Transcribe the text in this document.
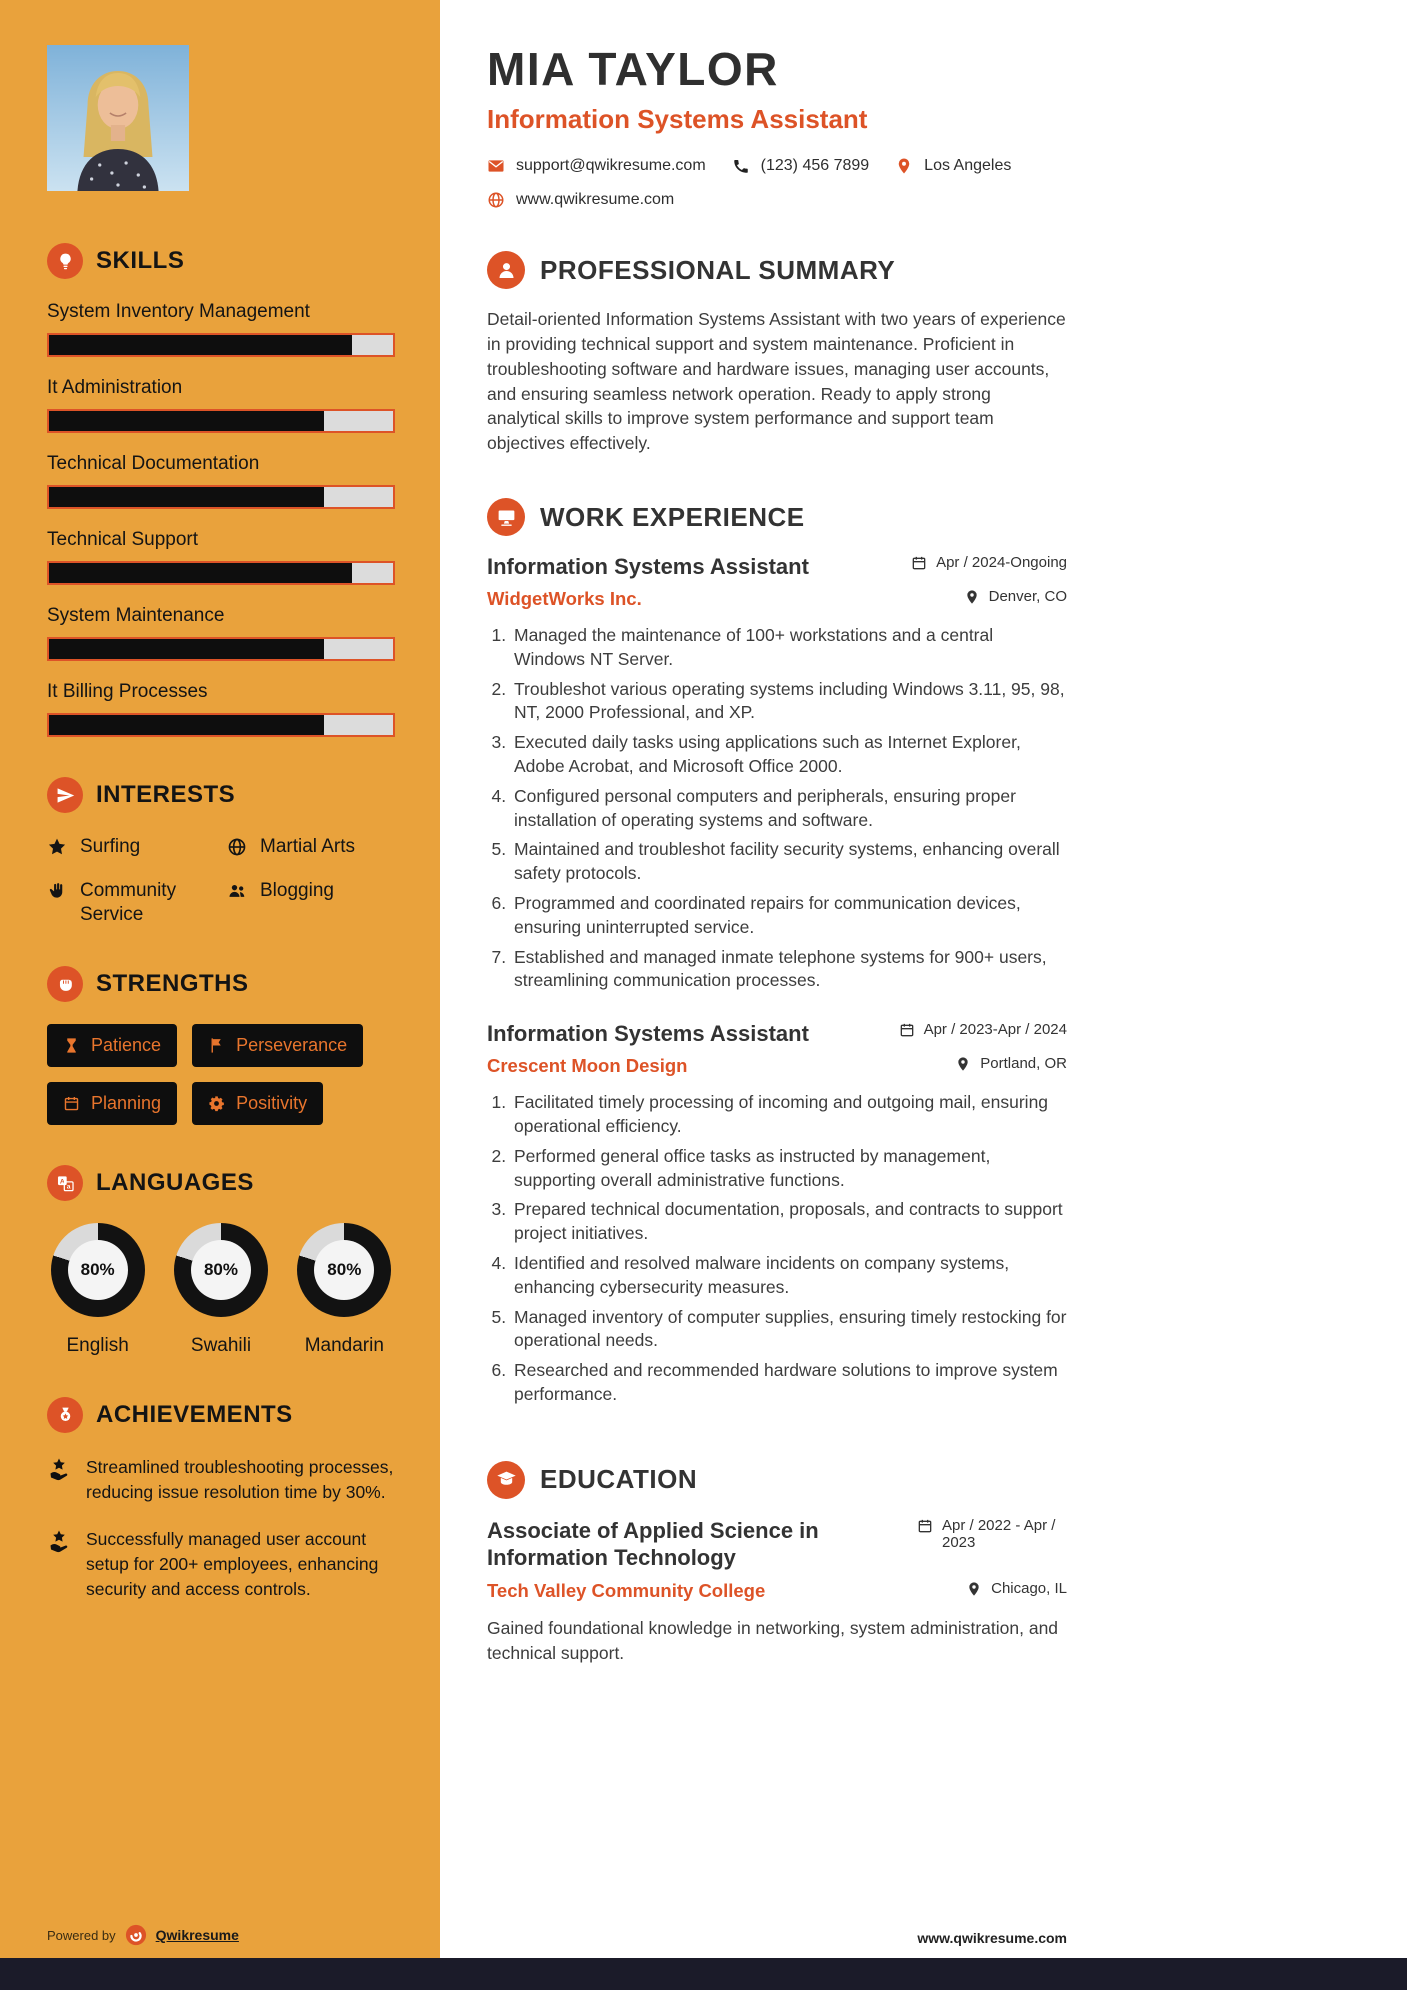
SKILLS
System Inventory Management
It Administration
Technical Documentation
Technical Support
System Maintenance
It Billing Processes
INTERESTS
Surfing	Martial Arts
Community Service
Blogging
STRENGTHS
Patience	Perseverance
Planning	Positivity
A
a LANGUAGES
80%
English
80%
Swahili
80%
Mandarin
ACHIEVEMENTS
Streamlined troubleshooting processes, reducing issue resolution time by 30%.
Successfully managed user account setup for 200+ employees, enhancing security and access controls.
Powered by	Qwikresume
MIA TAYLOR
Information Systems Assistant
support@qwikresume.com	(123) 456 7899	Los Angeles
www.qwikresume.com
PROFESSIONAL SUMMARY

Detail-oriented Information Systems Assistant with two years of experience in providing technical support and system maintenance. Proficient in troubleshooting software and hardware issues, managing user accounts, and ensuring seamless network operation. Ready to apply strong analytical skills to improve system performance and support team objectives effectively.

WORK EXPERIENCE
Information Systems Assistant	Apr / 2024-Ongoing
WidgetWorks Inc.	Denver, CO
1. Managed the maintenance of 100+ workstations and a central Windows NT Server.
2. Troubleshot various operating systems including Windows 3.11, 95, 98, NT, 2000 Professional, and XP.
3. Executed daily tasks using applications such as Internet Explorer, Adobe Acrobat, and Microsoft Office 2000.
4. Configured personal computers and peripherals, ensuring proper installation of operating systems and software.
5. Maintained and troubleshot facility security systems, enhancing overall safety protocols.
6. Programmed and coordinated repairs for communication devices, ensuring uninterrupted service.
7. Established and managed inmate telephone systems for 900+ users, streamlining communication processes.
Information Systems Assistant	Apr / 2023-Apr / 2024
Crescent Moon Design	Portland, OR
1. Facilitated timely processing of incoming and outgoing mail, ensuring operational efficiency.
2. Performed general office tasks as instructed by management, supporting overall administrative functions.
3. Prepared technical documentation, proposals, and contracts to support project initiatives.
4. Identified and resolved malware incidents on company systems, enhancing cybersecurity measures.
5. Managed inventory of computer supplies, ensuring timely restocking for operational needs.
6. Researched and recommended hardware solutions to improve system performance.
EDUCATION
Associate of Applied Science in Information Technology
Apr / 2022 - Apr / 2023
Tech Valley Community College	Chicago, IL

Gained foundational knowledge in networking, system administration, and technical support.

www.qwikresume.com
